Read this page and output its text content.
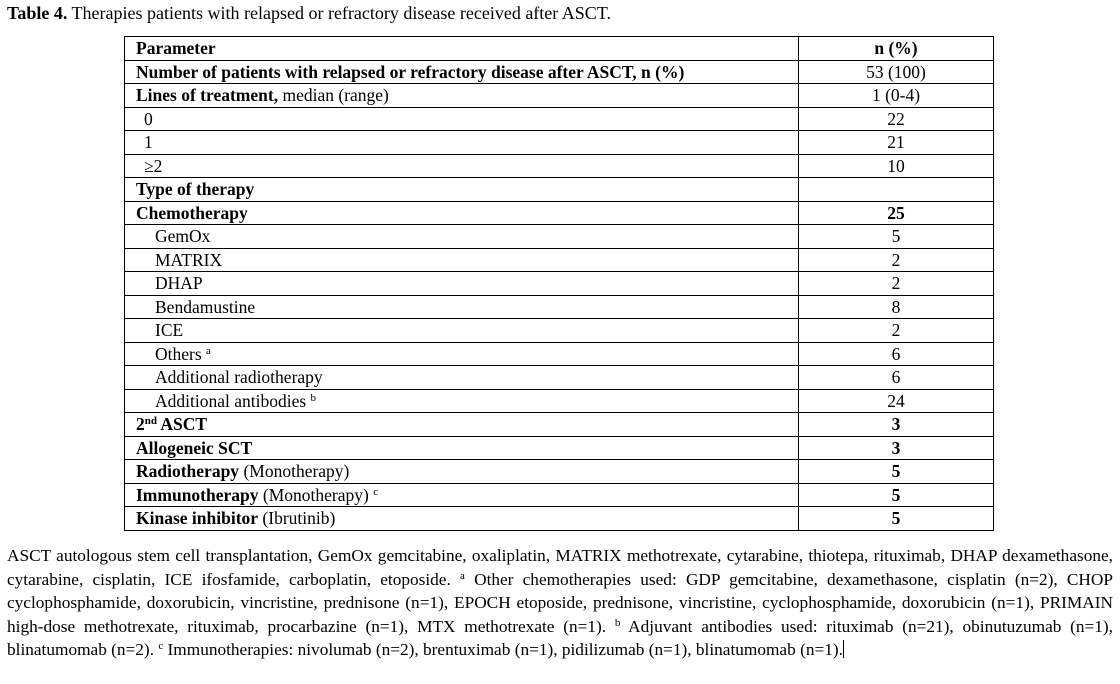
Table 4. Therapies patients with relapsed or refractory disease received after ASCT.
Parameter	n (%)
Number of patients with relapsed or refractory disease after ASCT, n (%)	53 (100)
Lines of treatment, median (range)	1 (0-4)
0	22
1	21
≥2	10
Type of therapy	
Chemotherapy	25
GemOx	5
MATRIX	2
DHAP	2
Bendamustine	8
ICE	2
Others $^a$	6
Additional radiotherapy	6
Additional antibodies $^b$	24
2nd ASCT	3
Allogeneic SCT	3
Radiotherapy (Monotherapy)	5
Immunotherapy (Monotherapy) $^c$	5
Kinase inhibitor (Ibrutinib)	5
ASCT autologous stem cell transplantation, GemOx gemcitabine, oxaliplatin, MATRIX methotrexate, cytarabine, thiotepa, rituximab, DHAP dexamethasone, cytarabine, cisplatin, ICE ifosfamide, carboplatin, etoposide. $^a$ Other chemotherapies used: GDP gemcitabine, dexamethasone, cisplatin (n=2), CHOP cyclophosphamide, doxorubicin, vincristine, prednisone (n=1), EPOCH etoposide, prednisone, vincristine, cyclophosphamide, doxorubicin (n=1), PRIMAIN high-dose methotrexate, rituximab, procarbazine (n=1), MTX methotrexate (n=1). $^b$ Adjuvant antibodies used: rituximab (n=21), obinutuzumab (n=1), blinatumomab (n=2). $^c$ Immunotherapies: nivolumab (n=2), brentuximab (n=1), pidilizumab (n=1), blinatumomab (n=1).
